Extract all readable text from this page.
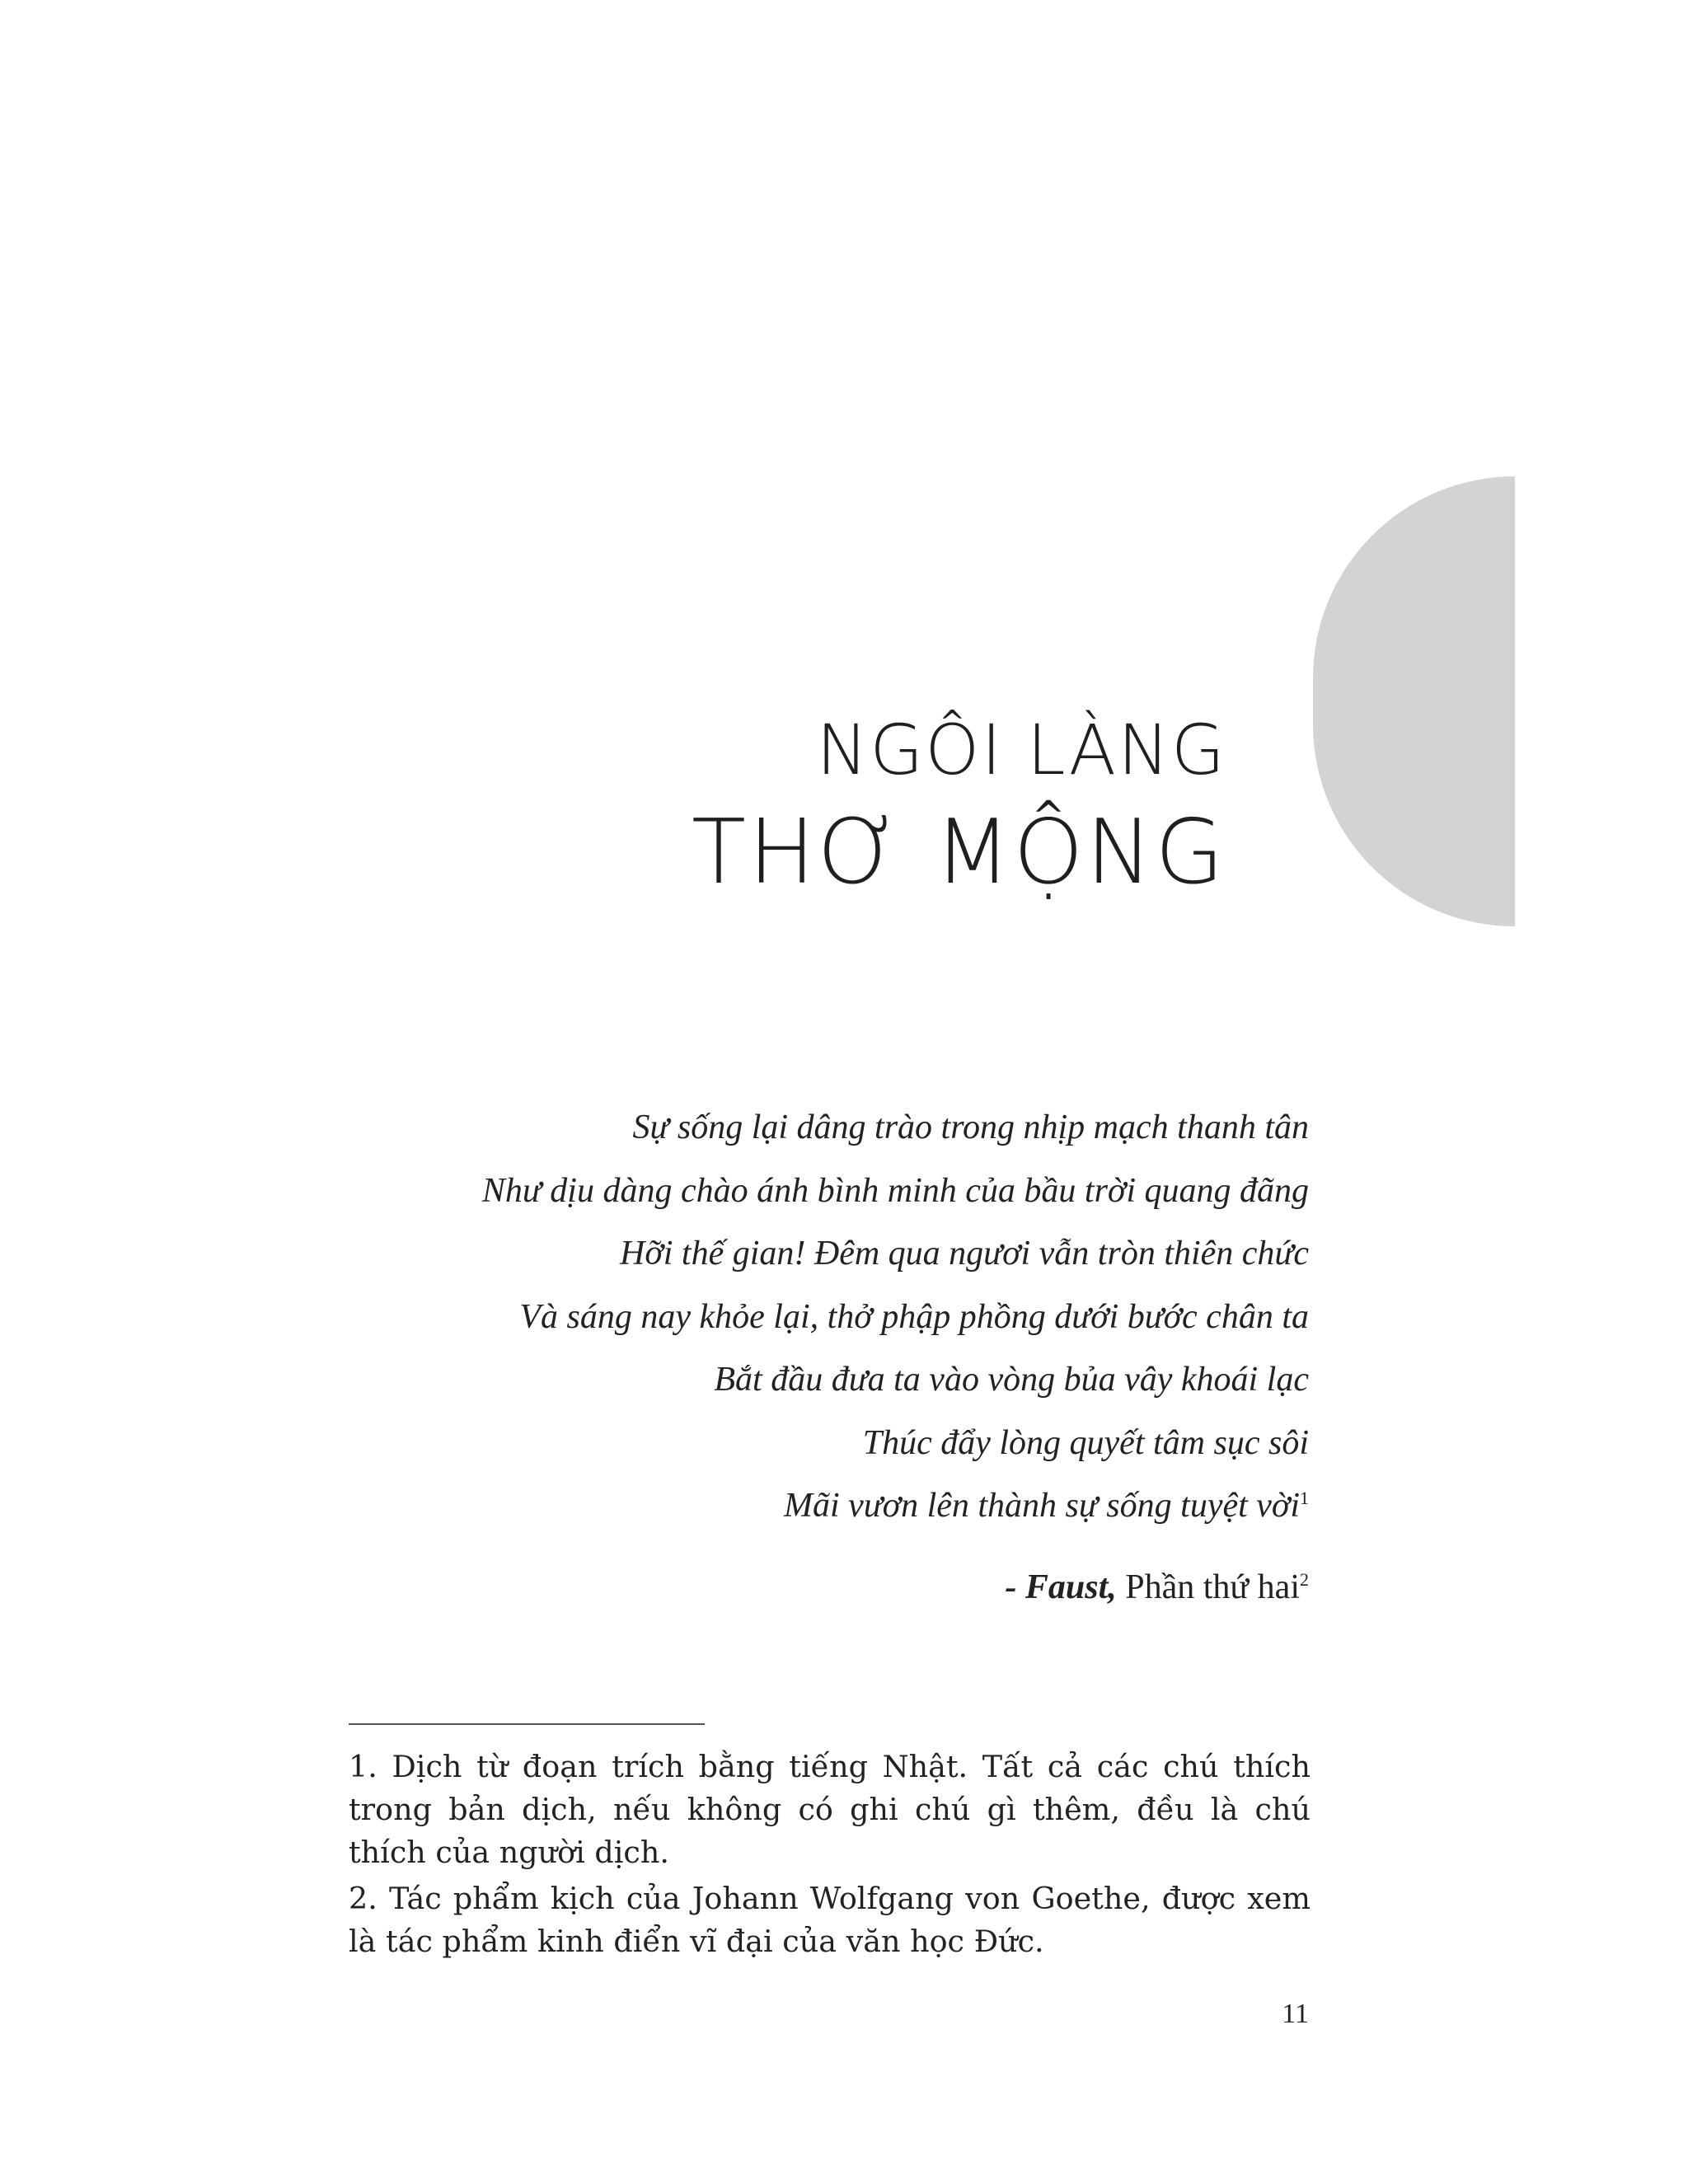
NGÔI LÀNG
THƠ MỘNG
Sự sống lại dâng trào trong nhịp mạch thanh tân
Như dịu dàng chào ánh bình minh của bầu trời quang đãng
Hỡi thế gian! Đêm qua ngươi vẫn tròn thiên chức
Và sáng nay khỏe lại, thở phập phồng dưới bước chân ta
Bắt đầu đưa ta vào vòng bủa vây khoái lạc
Thúc đẩy lòng quyết tâm sục sôi
Mãi vươn lên thành sự sống tuyệt vời$^1$
- Faust, Phần thứ hai$^2$

1. Dịch từ đoạn trích bằng tiếng Nhật. Tất cả các chú thích trong bản dịch, nếu không có ghi chú gì thêm, đều là chú thích của người dịch.

2. Tác phẩm kịch của Johann Wolfgang von Goethe, được xem là tác phẩm kinh điển vĩ đại của văn học Đức.

11
